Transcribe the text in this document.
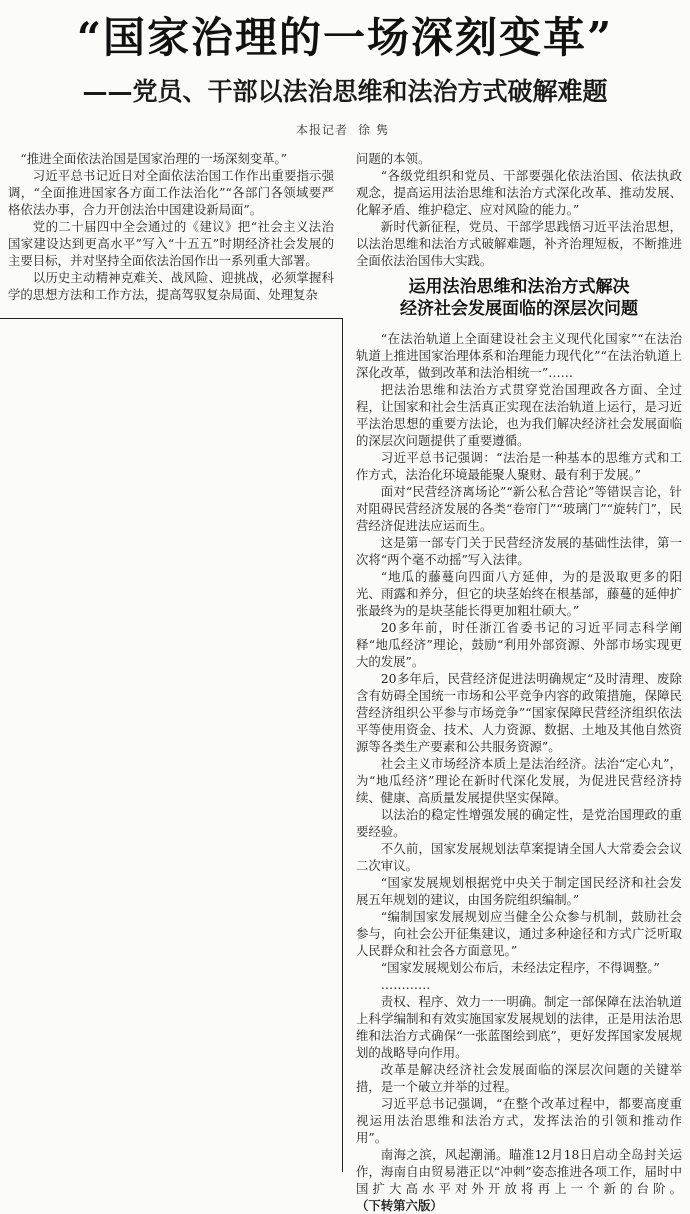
“国家治理的一场深刻变革”
——党员、干部以法治思维和法治方式破解难题
本报记者 徐隽

“推进全面依法治国是国家治理的一场深刻变革。”

习近平总书记近日对全面依法治国工作作出重要指示强调，“全面推进国家各方面工作法治化”“各部门各领域要严格依法办事，合力开创法治中国建设新局面”。

党的二十届四中全会通过的《建议》把“社会主义法治国家建设达到更高水平”写入“十五五”时期经济社会发展的主要目标，并对坚持全面依法治国作出一系列重大部署。

以历史主动精神克难关、战风险、迎挑战，必须掌握科学的思想方法和工作方法，提高驾驭复杂局面、处理复杂

问题的本领。

“各级党组织和党员、干部要强化依法治国、依法执政观念，提高运用法治思维和法治方式深化改革、推动发展、化解矛盾、维护稳定、应对风险的能力。”

新时代新征程，党员、干部学思践悟习近平法治思想，以法治思维和法治方式破解难题，补齐治理短板，不断推进全面依法治国伟大实践。

运用法治思维和法治方式解决
经济社会发展面临的深层次问题

“在法治轨道上全面建设社会主义现代化国家”“在法治轨道上推进国家治理体系和治理能力现代化”“在法治轨道上深化改革，做到改革和法治相统一”……

把法治思维和法治方式贯穿党治国理政各方面、全过程，让国家和社会生活真正实现在法治轨道上运行，是习近平法治思想的重要方法论，也为我们解决经济社会发展面临的深层次问题提供了重要遵循。

习近平总书记强调：“法治是一种基本的思维方式和工作方式，法治化环境最能聚人聚财、最有利于发展。”

面对“民营经济离场论”“新公私合营论”等错误言论，针对阻碍民营经济发展的各类“卷帘门”“玻璃门”“旋转门”，民营经济促进法应运而生。

这是第一部专门关于民营经济发展的基础性法律，第一次将“两个毫不动摇”写入法律。

“地瓜的藤蔓向四面八方延伸，为的是汲取更多的阳光、雨露和养分，但它的块茎始终在根基部，藤蔓的延伸扩张最终为的是块茎能长得更加粗壮硕大。”

20多年前，时任浙江省委书记的习近平同志科学阐释“地瓜经济”理论，鼓励“利用外部资源、外部市场实现更大的发展”。

20多年后，民营经济促进法明确规定“及时清理、废除含有妨碍全国统一市场和公平竞争内容的政策措施，保障民营经济组织公平参与市场竞争”“国家保障民营经济组织依法平等使用资金、技术、人力资源、数据、土地及其他自然资源等各类生产要素和公共服务资源”。

社会主义市场经济本质上是法治经济。法治“定心丸”，为“地瓜经济”理论在新时代深化发展，为促进民营经济持续、健康、高质量发展提供坚实保障。

以法治的稳定性增强发展的确定性，是党治国理政的重要经验。

不久前，国家发展规划法草案提请全国人大常委会会议二次审议。

“国家发展规划根据党中央关于制定国民经济和社会发展五年规划的建议，由国务院组织编制。”

“编制国家发展规划应当健全公众参与机制，鼓励社会参与，向社会公开征集建议，通过多种途径和方式广泛听取人民群众和社会各方面意见。”

“国家发展规划公布后，未经法定程序，不得调整。”

…………

责权、程序、效力一一明确。制定一部保障在法治轨道上科学编制和有效实施国家发展规划的法律，正是用法治思维和法治方式确保“一张蓝图绘到底”，更好发挥国家发展规划的战略导向作用。

改革是解决经济社会发展面临的深层次问题的关键举措，是一个破立并举的过程。

习近平总书记强调，“在整个改革过程中，都要高度重视运用法治思维和法治方式，发挥法治的引领和推动作用”。

南海之滨，风起潮涌。瞄准12月18日启动全岛封关运作，海南自由贸易港正以“冲刺”姿态推进各项工作，届时中国扩大高水平对外开放将再上一个新的台阶。（下转第六版）
